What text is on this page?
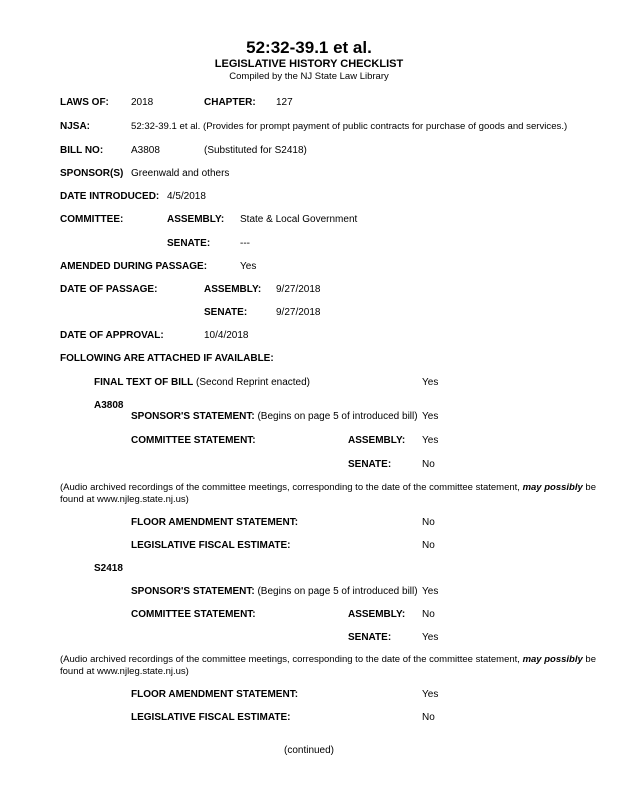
52:32-39.1 et al.
LEGISLATIVE HISTORY CHECKLIST
Compiled by the NJ State Law Library
LAWS OF: 2018	CHAPTER: 127
NJSA:	52:32-39.1 et al. (Provides for prompt payment of public contracts for purchase of goods and services.)
BILL NO:	A3808	(Substituted for S2418)
SPONSOR(S) Greenwald and others
DATE INTRODUCED: 4/5/2018
COMMITTEE:	ASSEMBLY: State & Local Government
SENATE:	---
AMENDED DURING PASSAGE:	Yes
DATE OF PASSAGE:	ASSEMBLY: 9/27/2018
SENATE:	9/27/2018
DATE OF APPROVAL:	10/4/2018
FOLLOWING ARE ATTACHED IF AVAILABLE:
FINAL TEXT OF BILL (Second Reprint enacted)	Yes
A3808
SPONSOR'S STATEMENT: (Begins on page 5 of introduced bill) Yes
COMMITTEE STATEMENT:	ASSEMBLY: Yes
SENATE:	No
(Audio archived recordings of the committee meetings, corresponding to the date of the committee statement, may possibly be found at www.njleg.state.nj.us)
FLOOR AMENDMENT STATEMENT:	No
LEGISLATIVE FISCAL ESTIMATE:	No
S2418
SPONSOR'S STATEMENT: (Begins on page 5 of introduced bill) Yes
COMMITTEE STATEMENT:	ASSEMBLY: No
SENATE:	Yes
(Audio archived recordings of the committee meetings, corresponding to the date of the committee statement, may possibly be found at www.njleg.state.nj.us)
FLOOR AMENDMENT STATEMENT:	Yes
LEGISLATIVE FISCAL ESTIMATE:	No
(continued)
